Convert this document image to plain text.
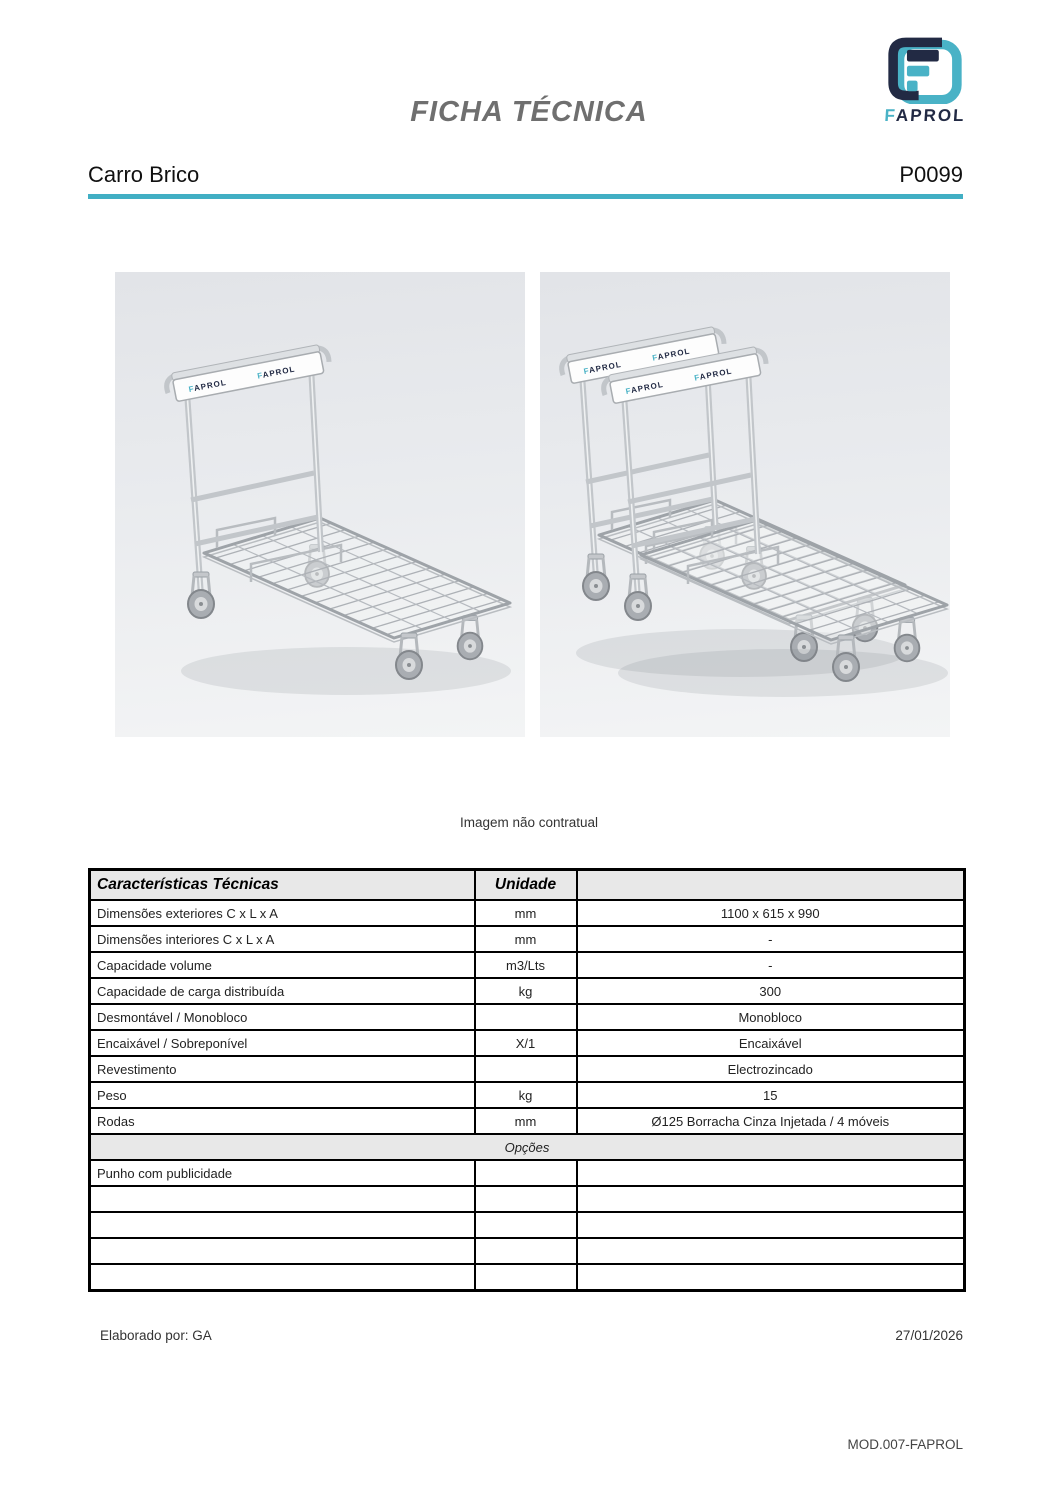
FAPROL
FICHA TÉCNICA
Carro Brico	P0099
Imagem não contratual
Características Técnicas	Unidade	
Dimensões exteriores C x L x A	mm	1100 x 615 x 990
Dimensões interiores C x L x A	mm	-
Capacidade volume	m3/Lts	-
Capacidade de carga distribuída	kg	300
Desmontável / Monobloco		Monobloco
Encaixável / Sobreponível	X/1	Encaixável
Revestimento		Electrozincado
Peso	kg	15
Rodas	mm	Ø125 Borracha Cinza Injetada / 4 móveis
Opções		
Punho com publicidade		

Elaborado por: GA	27/01/2026
MOD.007-FAPROL
